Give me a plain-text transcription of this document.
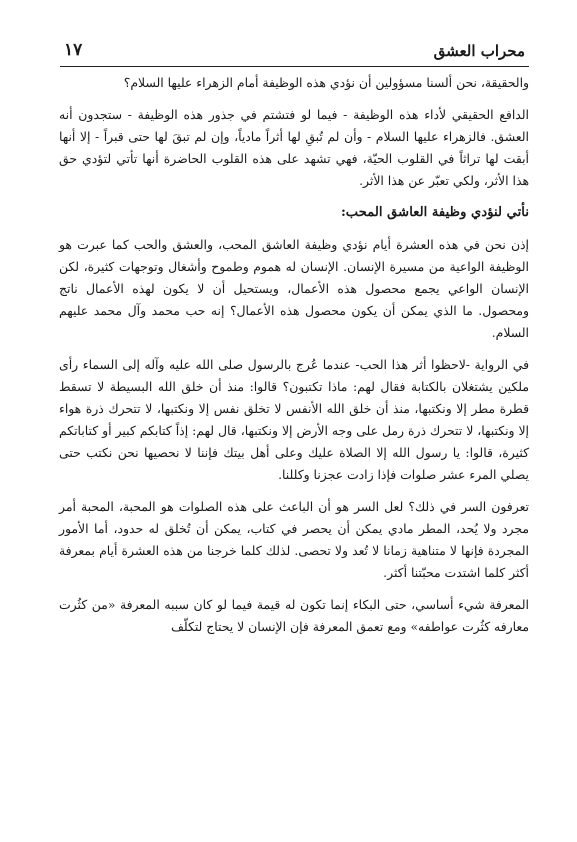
محراب العشق
١٧

والحقيقة، نحن ألسنا مسؤولين أن نؤدي هذه الوظيفة أمام الزهراء عليها السلام؟

الدافع الحقيقي لأداء هذه الوظيفة - فيما لو فتشتم في جذور هذه الوظيفة - ستجدون أنه العشق. فالزهراء عليها السلام - وأن لم تُبقِ لها أثراً مادياً، وإن لم تبقَ لها حتى قبراً - إلا أنها أبقت لها تراثاً في القلوب الحيّة، فهي تشهد على هذه القلوب الحاضرة أنها تأتي لتؤدي حق هذا الأثر، ولكي تعبّر عن هذا الأثر.

نأتي لنؤدي وظيفة العاشق المحب:

إذن نحن في هذه العشرة أيام نؤدي وظيفة العاشق المحب، والعشق والحب كما عبرت هو الوظيفة الواعية من مسيرة الإنسان. الإنسان له هموم وطموح وأشغال وتوجهات كثيرة، لكن الإنسان الواعي يجمع محصول هذه الأعمال، ويستحيل أن لا يكون لهذه الأعمال ناتج ومحصول. ما الذي يمكن أن يكون محصول هذه الأعمال؟ إنه حب محمد وآل محمد عليهم السلام.

في الرواية -لاحظوا أثر هذا الحب- عندما عُرج بالرسول صلى الله عليه وآله إلى السماء رأى ملكين يشتغلان بالكتابة فقال لهم: ماذا تكتبون؟ قالوا: منذ أن خلق الله البسيطة لا تسقط قطرة مطر إلا ونكتبها، منذ أن خلق الله الأنفس لا تخلق نفس إلا ونكتبها، لا تتحرك ذرة هواء إلا ونكتبها، لا تتحرك ذرة رمل على وجه الأرض إلا ونكتبها، قال لهم: إذاً كتابكم كبير أو كتاباتكم كثيرة، قالوا: يا رسول الله إلا الصلاة عليك وعلى أهل بيتك فإننا لا نحصيها نحن نكتب حتى يصلي المرء عشر صلوات فإذا زادت عجزنا وكللنا.

تعرفون السر في ذلك؟ لعل السر هو أن الباعث على هذه الصلوات هو المحبة، المحبة أمر مجرد ولا يُحد، المطر مادي يمكن أن يحصر في كتاب، يمكن أن تُخلق له حدود، أما الأمور المجردة فإنها لا متناهية زمانا لا تُعد ولا تحصى. لذلك كلما خرجنا من هذه العشرة أيام بمعرفة أكثر كلما اشتدت محبّتنا أكثر.

المعرفة شيء أساسي، حتى البكاء إنما تكون له قيمة فيما لو كان سببه المعرفة «من كثُرت معارفه كثُرت عواطفه» ومع تعمق المعرفة فإن الإنسان لا يحتاج لتكلّف
